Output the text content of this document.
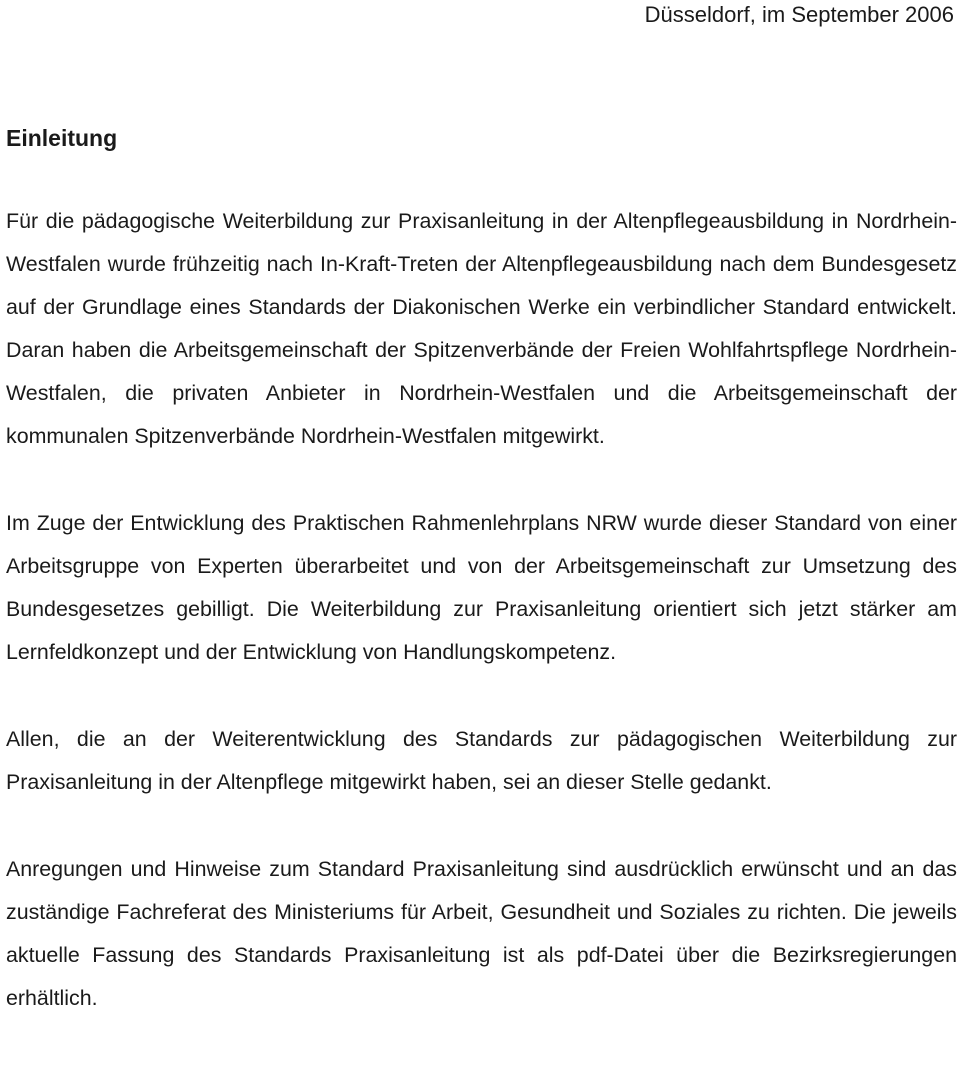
Düsseldorf, im September 2006
Einleitung

Für die pädagogische Weiterbildung zur Praxisanleitung in der Altenpflegeausbildung in Nordrhein-Westfalen wurde frühzeitig nach In-Kraft-Treten der Altenpflegeausbildung nach dem Bundesgesetz auf der Grundlage eines Standards der Diakonischen Werke ein verbindlicher Standard entwickelt. Daran haben die Arbeitsgemeinschaft der Spitzenverbände der Freien Wohlfahrtspflege Nordrhein-Westfalen, die privaten Anbieter in Nordrhein-Westfalen und die Arbeitsgemeinschaft der kommunalen Spitzenverbände Nordrhein-Westfalen mitgewirkt.

Im Zuge der Entwicklung des Praktischen Rahmenlehrplans NRW wurde dieser Standard von einer Arbeitsgruppe von Experten überarbeitet und von der Arbeitsgemeinschaft zur Umsetzung des Bundesgesetzes gebilligt. Die Weiterbildung zur Praxisanleitung orientiert sich jetzt stärker am Lernfeldkonzept und der Entwicklung von Handlungskompetenz.

Allen, die an der Weiterentwicklung des Standards zur pädagogischen Weiterbildung zur Praxisanleitung in der Altenpflege mitgewirkt haben, sei an dieser Stelle gedankt.

Anregungen und Hinweise zum Standard Praxisanleitung sind ausdrücklich erwünscht und an das zuständige Fachreferat des Ministeriums für Arbeit, Gesundheit und Soziales zu richten. Die jeweils aktuelle Fassung des Standards Praxisanleitung ist als pdf-Datei über die Bezirksregierungen erhältlich.
